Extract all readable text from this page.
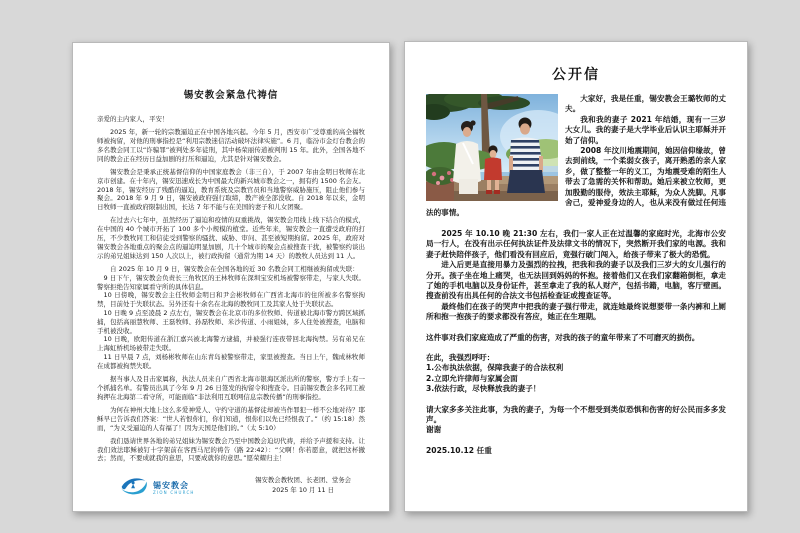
锡安教会紧急代祷信

亲爱的主内家人，平安！

2025 年，新一轮的宗教逼迫正在中国各地兴起。今年 5 月，西安市广受尊重的高全福牧师被拘留，对他的刑事指控是“利用宗教迷信活动破坏法律实施”。6 月，临汾市金灯台教会的多名教会同工以“诈骗罪”被判处多年徒刑，其中杨荣丽传道被判刑 15 年。此外，全国各地不同的教会正在经历日益加剧的打压和逼迫，尤其是针对锡安教会。

锡安教会是秉承正统基督信仰的中国家庭教会（非三自），于 2007 年由金明日牧师在北京市创建。在十年内，锡安迅速成长为中国最大的新兴城市教会之一，拥有约 1500 名会友。2018 年，锡安经历了残酷的逼迫，教育系统及宗教官员和当地警察威胁施压，阻止他们参与聚会。2018 年 9 月 9 日，锡安被政府强行取缔，教产被全部没收。自 2018 年以来，金明日牧师一直被政府限制出国，长达 7 年不能与在美国的妻子和儿女团聚。

在过去六七年中，虽然经历了逼迫和疫情的双重挑战，锡安教会用线上线下结合的模式，在中国的 40 个城市开拓了 100 多个小规模的植堂。近些年来，锡安教会一直遭受政府的打压，不少教牧同工和信徒受到警察的骚扰、威胁、审问、甚至被短期拘留。2025 年，政府对锡安教会各地重点的聚会点的逼迫明显加剧，几十个城市的聚会点被搜查干扰，被警察约谈出示的弟兄姐妹达到 150 人次以上，被行政拘留（通常为期 14 天）的教牧人员达到 11 人。

自 2025 年 10 月 9 日，锡安教会在全国各地的近 30 名教会同工相继被拘留或失联：

9 日下午，锡安教会负责长三角牧区的王林牧师在深圳宝安机场被警察带走，与家人失联。警察拒绝告知家属看守所的具体信息。

10 日傍晚，锡安教会主任牧师金明日和尹会彬牧师在广西省北海市的住所被多名警察拘禁，目前处于失联状态。另外还有十余名在北海的教牧同工及其家人处于失联状态。

10 日晚 9 点至凌晨 2 点左右，锡安教会在北京市的多位牧师、传道被北海市警方跨区域抓捕，包括高丽慧牧师、王磊牧师、孙磊牧师、米沙传道、小雨姐妹，多人住处被搜查，电脑和手机被没收。

10 日晚，欧阳传道在浙江嘉兴被北海警方逮捕，并被强行连夜带回北海拘禁。另有弟兄在上海虹桥机场被带走失联。

11 日早晨 7 点，刘杨彬牧师在山东青岛被警察带走，家里被搜查。当日上午，魏成林牧师在成都被拘禁失联。

据当事人及目击家属称，执法人员来自广西省北海市银海区派出所的警察，警方手上有一个抓捕名单。有警员出具了今年 9 月 26 日签发的拘留令和搜查令。目前锡安教会多名同工被拘押在北海第二看守所，可能面临“非法利用互联网信息宗教传播”的刑事指控。

为何在神州大地上这么多爱神爱人、守约守道的基督徒却被当作罪犯一样不公地对待？耶稣早已告诉我们答案：“世人若恨你们，你们知道，恨你们以先已经恨我了。”（约 15:18）然而，“为义受逼迫的人有福了！因为天国是他们的。”（太 5:10）

我们恳请世界各地的弟兄姐妹为锡安教会乃至中国教会迫切代祷，并给予声援和支持。让我们效法耶稣被钉十字架前在客西马尼的祷告（路 22:42）：“父啊！你若愿意，就把这杯撤去；然而，不要成就我的意思，只要成就你的意思。”愿荣耀归主！

锡安教会
ZION CHURCH
锡安教会教牧团、长老团、堂务会
2025 年 10 月 11 日
公开信

大家好，我是任重，锡安教会王璐牧师的丈夫。

我和我的妻子 2021 年结婚，现有一三岁大女儿。我的妻子是大学毕业后认识主耶稣并开始了信仰。

2008 年汶川地震期间，她因信仰缘故，曾去到前线，一个柔弱女孩子，离开熟悉的亲人家乡，做了整整一年的义工，为地震受难的陌生人带去了急需的关怀和帮助。她后来被立牧师，更加殷勤的服侍，效法主耶稣，为众人洗脚。凡事舍己，爱神爱身边的人，也从来没有做过任何违法的事情。

2025 年 10.10 晚 21:30 左右，我们一家人正在过温馨的家庭时光，北海市公安局一行人，在没有出示任何执法证件及法律文书的情况下，突然断开我们家的电源。我和妻子赶快陪伴孩子，他们看没有回应后，竟强行破门闯入，给孩子带来了极大的恐慌。

进入后更是直接用暴力及强烈的拉拽，把我和我的妻子以及我们三岁大的女儿强行的分开。孩子坐在地上痛哭，也无法回到妈妈的怀抱。接着他们又在我们家翻箱倒柜，拿走了她的手机电脑以及身份证件，甚至拿走了我的私人财产，包括书籍，电脑，客厅壁画。搜查前没有出具任何的合法文书包括检查证或搜查证等。

最终他们在孩子的哭声中把我的妻子强行带走，就连她最终说想要带一条内裤和上厕所和抱一抱孩子的要求都没有答应，她正在生理期。

这件事对我们家庭造成了严重的伤害，对我的孩子的童年带来了不可磨灭的损伤。

在此，我强烈呼吁：

1.公布执法依据，保障我妻子的合法权利

2.立即允许律师与家属会面

3.依法行政，尽快释放我的妻子！

请大家多多关注此事，为我的妻子，为每一个不想受到类似恐惧和伤害的好公民而多多发声。

谢谢

2025.10.12 任重
